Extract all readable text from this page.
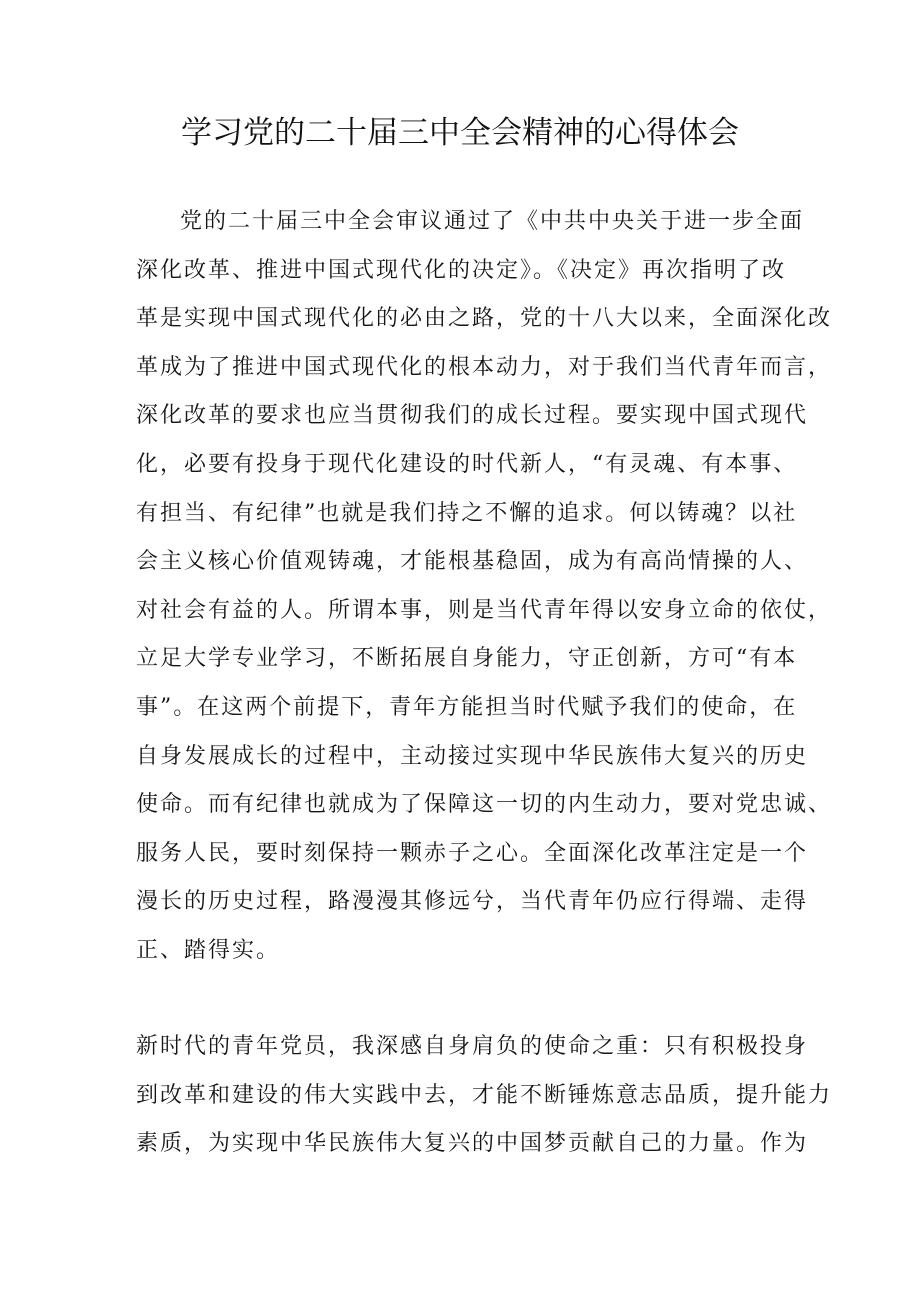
学习党的二十届三中全会精神的心得体会
党的二十届三中全会审议通过了《中共中央关于进一步全面
深化改革、推进中国式现代化的决定》。《决定》再次指明了改
革是实现中国式现代化的必由之路，党的十八大以来，全面深化改
革成为了推进中国式现代化的根本动力，对于我们当代青年而言，
深化改革的要求也应当贯彻我们的成长过程。要实现中国式现代
化，必要有投身于现代化建设的时代新人，“有灵魂、有本事、
有担当、有纪律”也就是我们持之不懈的追求。何以铸魂？以社
会主义核心价值观铸魂，才能根基稳固，成为有高尚情操的人、
对社会有益的人。所谓本事，则是当代青年得以安身立命的依仗，
立足大学专业学习，不断拓展自身能力，守正创新，方可“有本
事”。在这两个前提下，青年方能担当时代赋予我们的使命，在
自身发展成长的过程中，主动接过实现中华民族伟大复兴的历史
使命。而有纪律也就成为了保障这一切的内生动力，要对党忠诚、
服务人民，要时刻保持一颗赤子之心。全面深化改革注定是一个
漫长的历史过程，路漫漫其修远兮，当代青年仍应行得端、走得
正、踏得实。
新时代的青年党员，我深感自身肩负的使命之重：只有积极投身
到改革和建设的伟大实践中去，才能不断锤炼意志品质，提升能力
素质，为实现中华民族伟大复兴的中国梦贡献自己的力量。作为
